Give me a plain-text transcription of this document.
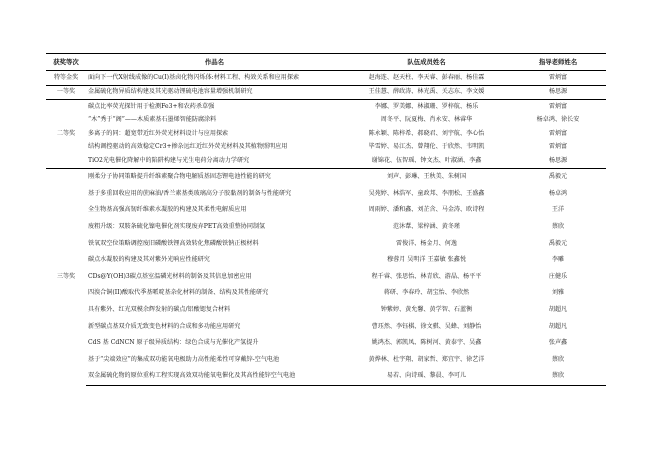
获奖等次	作品名	队伍成员姓名	指导老师姓名
特等金奖	面向下一代X射线成像的Cu(I)基卤化物闪烁体:材料工程、构效关系和应用探索	赵海连、赵天柱、李天睿、彭春丽、杨佳霖	雷炳富
一等奖	金属硫化物异质结构建及其光驱动锂硫电池容量增强机制研究	王佳慧、薛政涛、林光禹、关志东、李文媛	杨思源
二等奖	碳点比率荧光探针用于检测Fe3+和农药杀草强	李娜、罗美娜、林淑珊、罗梓航、杨乐	雷炳富
	“木”秀于“阁”——木质素基石墨烯智能防腐涂料	周冬平、阮夏梅、肖永安、林睿华	杨卓鸿、徐长安
	多离子的同：超宽带近红外荧光材料设计与应用探索	陈永颖、陈梓希、郝晓君、刘宇航、李心怡	雷炳富
	结构调控驱动的高效稳定Cr3+掺杂远红近红外荧光材料及其植物照明应用	毕雪婷、易江杰、曾翔伦、于欣然、韦明凯	雷炳富
	TiO2光电催化降解中的陷阱构建与光生电荷分离动力学研究	谢锦花、伍智瑶、钟文杰、叶淑涵、李鑫	杨思源
三等奖	刚柔分子协同策略提升纤维素聚合物电解质基固态锂电池性能的研究	刘声、彭琳、王秋美、朱树国	禹毅元
	基于多重回收应用的蔗麻油/香兰素基类玻璃高分子胶黏剂的制备与性能研究	吴苑婷、林浩军、童政邦、李朋松、王盛鑫	杨卓鸿
	全生物基高强高韧纤维素水凝胶的构建及其柔性电解质应用	周雨婷、潘和鑫、刘芷含、马金涛、欧诗程	王洋
	废粗升级：双胺条硫化镍电催化剂实现废弃PET高效重整协同制氢	范沐葦、梁梓涵、黄冬瑾	蔡欣
	铁氧双空位策略调控废旧磷酸铁锂高效转化焦磷酸铁钠正极材料	雷俊洋、杨金月、何逸	禹毅元
	碳点水凝胶的构建及其对紫外光响应性能研究	穆蓉月 吴明洋 王嘉敏 张鑫悦	李雕
	CDs@Y(OH)3碳点基室温磷光材料的制备及其信息加密应用	程千睿、张思怡、林青欣、游晶、杨平平	庄健乐
	四溴合铜(II)酸取代季基哌啶基杂化材料的制备、结构及其性能研究	蒋研、李春玲、胡宝怡、李欣然	刘雅
	具有紫外、红光双模余辉发射的碳点/铝酸锶复合材料	钟紫婷、黄允馨、黄学智、石蓝衡	胡超凡
	新型碳点基双介质无致变色材料的合成和多功能应用研究	曹珏然、李钰棋、徐文骐、吴蜂、刘静怡	胡超凡
	CdS 基 CdNCN 原子级异质结构：绿色合成与光催化产氢提升	姚鸿杰、郭凯凤、陈树河、黄泰宇、吴鑫	张声鑫
	基于“尖端效应”的集成双功能氧电极助力高性能柔性可穿戴锌-空气电池	黄烨林、杜宇翔、胡家哲、郑宜宇、徐艺洋	蔡欣
	双金属硫化物的原位重构工程实现高效双功能氧电催化及其高性能锌空气电池	易若、向诗瑶、黎晨、李可儿	蔡欣
